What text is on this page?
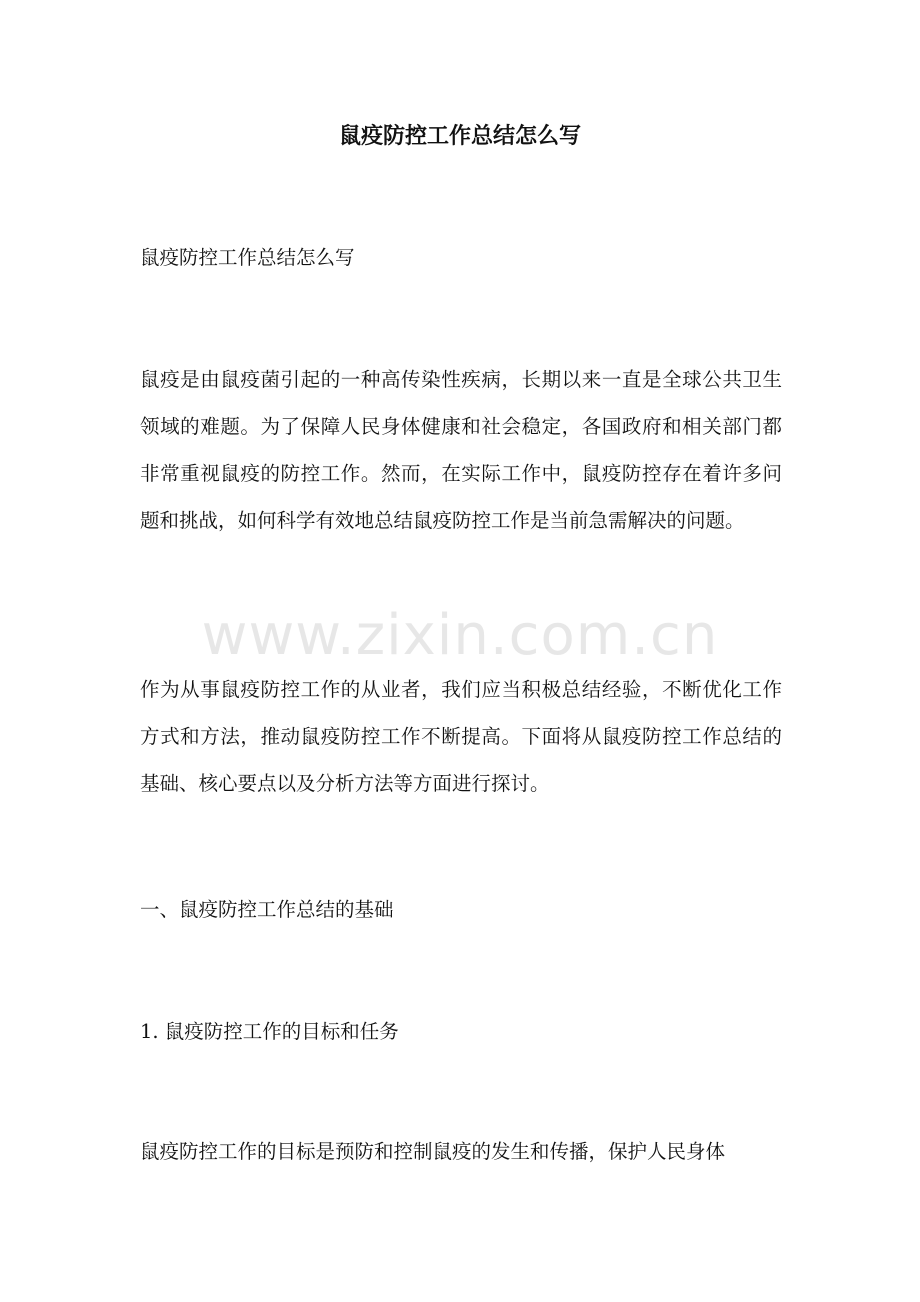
鼠疫防控工作总结怎么写

鼠疫防控工作总结怎么写

鼠疫是由鼠疫菌引起的一种高传染性疾病，长期以来一直是全球公共卫生领域的难题。为了保障人民身体健康和社会稳定，各国政府和相关部门都非常重视鼠疫的防控工作。然而，在实际工作中，鼠疫防控存在着许多问题和挑战，如何科学有效地总结鼠疫防控工作是当前急需解决的问题。

www.zixin.com.cn

作为从事鼠疫防控工作的从业者，我们应当积极总结经验，不断优化工作方式和方法，推动鼠疫防控工作不断提高。下面将从鼠疫防控工作总结的基础、核心要点以及分析方法等方面进行探讨。

一、鼠疫防控工作总结的基础

1. 鼠疫防控工作的目标和任务

鼠疫防控工作的目标是预防和控制鼠疫的发生和传播，保护人民身体
